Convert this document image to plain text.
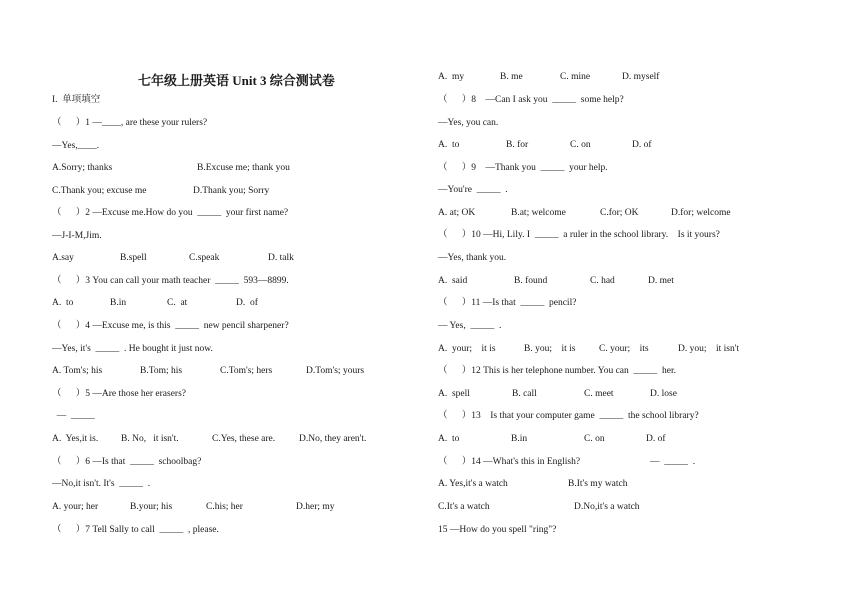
七年级上册英语 Unit 3 综合测试卷
I.  单项填空
（      ）1 —____, are these your rulers?
—Yes,____.

A.Sorry; thanks

	B.Excuse me; thank you

C.Thank you; excuse me

	D.Thank you; Sorry

（      ）2 —Excuse me.How do you  _____  your first name?
—J-I-M,Jim.

A.say

	B.spell

	C.speak

	D. talk

（      ）3 You can call your math teacher  _____  593—8899.

A.  to

	B.in

	C.  at

	D.  of

（      ）4 —Excuse me, is this  _____  new pencil sharpener?
—Yes, it's  _____  . He bought it just now.

A. Tom's; his

	B.Tom; his

	C.Tom's; hers

	D.Tom's; yours

（      ）5 —Are those her erasers?
—  _____

A.  Yes,it is.

B. No,   it isn't.

	C.Yes, these are.

	D.No, they aren't.

（      ）6 —Is that  _____  schoolbag?
—No,it isn't. It's  _____  .

A. your; her

	B.your; his

	C.his; her

	D.her; my

（      ）7 Tell Sally to call  _____  , please.

A.  my

	B. me

	C. mine

	D. myself

（      ）8    —Can I ask you  _____  some help?
—Yes, you can.

A.  to

	B. for

	C. on

	D. of

（      ）9    —Thank you  _____  your help.
—You're  _____  .

A. at; OK

	B.at; welcome

	C.for; OK

	D.for; welcome

（      ）10 —Hi, Lily. I  _____  a ruler in the school library.    Is it yours?
—Yes, thank you.

A.  said

	B. found

	C. had

	D. met

（      ）11 —Is that  _____  pencil?
— Yes,  _____  .

A.  your;    it is

	B. you;    it is

C. your;    its

	D. you;    it isn't

（      ）12 This is her telephone number. You can  _____  her.

A.  spell

	B. call

	C. meet

	D. lose

（      ）13    Is that your computer game  _____  the school library?

A.  to

	B.in

	C. on

	D. of

（      ）14 —What's this in English?

	—  _____  .

A. Yes,it's a watch

	B.It's my watch

C.It's a watch

	D.No,it's a watch

15 —How do you spell "ring"?
